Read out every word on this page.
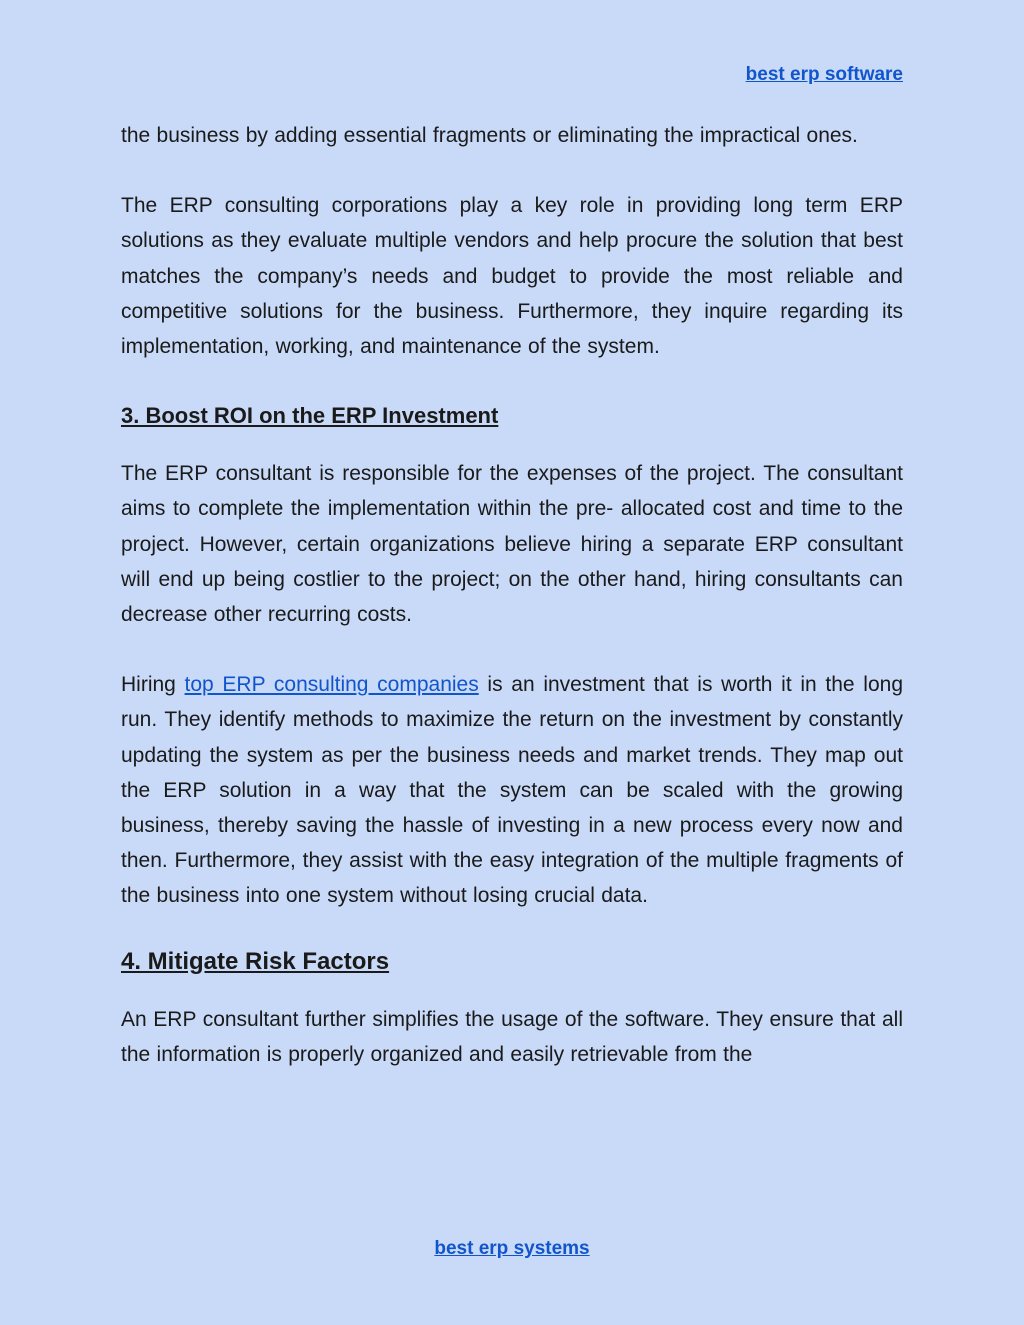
best erp software

the business by adding essential fragments or eliminating the impractical ones.

The ERP consulting corporations play a key role in providing long term ERP solutions as they evaluate multiple vendors and help procure the solution that best matches the company’s needs and budget to provide the most reliable and competitive solutions for the business. Furthermore, they inquire regarding its implementation, working, and maintenance of the system.

3. Boost ROI on the ERP Investment

The ERP consultant is responsible for the expenses of the project. The consultant aims to complete the implementation within the pre- allocated cost and time to the project. However, certain organizations believe hiring a separate ERP consultant will end up being costlier to the project; on the other hand, hiring consultants can decrease other recurring costs.

Hiring top ERP consulting companies is an investment that is worth it in the long run. They identify methods to maximize the return on the investment by constantly updating the system as per the business needs and market trends. They map out the ERP solution in a way that the system can be scaled with the growing business, thereby saving the hassle of investing in a new process every now and then. Furthermore, they assist with the easy integration of the multiple fragments of the business into one system without losing crucial data.

4. Mitigate Risk Factors

An ERP consultant further simplifies the usage of the software. They ensure that all the information is properly organized and easily retrievable from the

best erp systems
